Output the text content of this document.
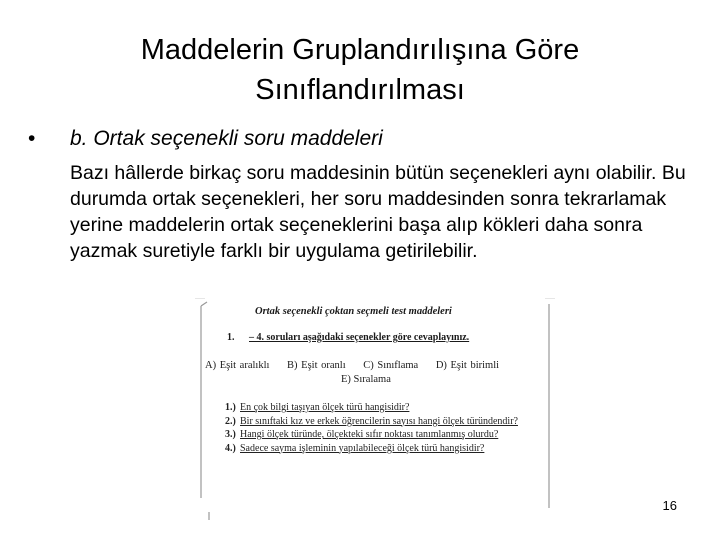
Maddelerin Gruplandırılışına Göre
Sınıflandırılması
• b. Ortak seçenekli soru maddeleri
Bazı hâllerde birkaç soru maddesinin bütün seçenekleri aynı olabilir. Bu durumda ortak seçenekleri, her soru maddesinden sonra tekrarlamak yerine maddelerin ortak seçeneklerini başa alıp kökleri daha sonra yazmak suretiyle farklı bir uygulama getirilebilir.
Ortak seçenekli çoktan seçmeli test maddeleri
1. – 4. soruları aşağıdaki seçenekler göre cevaplayınız.
A) Eşit aralıklı B) Eşit oranlı C) Sınıflama D) Eşit birimli
E) Sıralama
1.) En çok bilgi taşıyan ölçek türü hangisidir?
2.) Bir sınıftaki kız ve erkek öğrencilerin sayısı hangi ölçek türündendir?
3.) Hangi ölçek türünde, ölçekteki sıfır noktası tanımlanmış olurdu?
4.) Sadece sayma işleminin yapılabileceği ölçek türü hangisidir?
16
